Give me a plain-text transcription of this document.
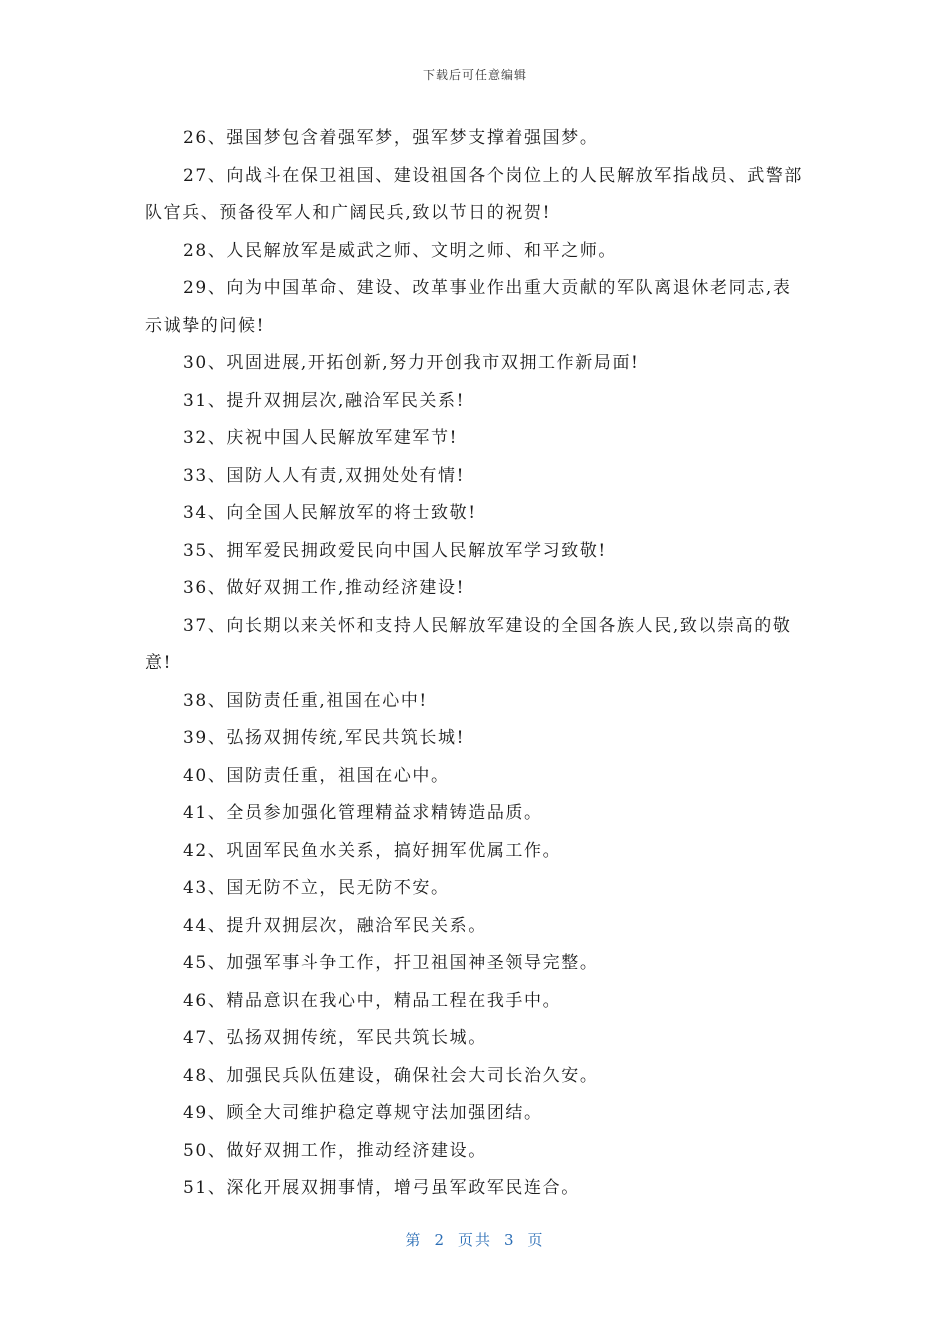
下载后可任意编辑

26、强国梦包含着强军梦，强军梦支撑着强国梦。

27、向战斗在保卫祖国、建设祖国各个岗位上的人民解放军指战员、武警部队官兵、预备役军人和广阔民兵,致以节日的祝贺!

28、人民解放军是威武之师、文明之师、和平之师。

29、向为中国革命、建设、改革事业作出重大贡献的军队离退休老同志,表示诚挚的问候!

30、巩固进展,开拓创新,努力开创我市双拥工作新局面!

31、提升双拥层次,融洽军民关系!

32、庆祝中国人民解放军建军节!

33、国防人人有责,双拥处处有情!

34、向全国人民解放军的将士致敬!

35、拥军爱民拥政爱民向中国人民解放军学习致敬!

36、做好双拥工作,推动经济建设!

37、向长期以来关怀和支持人民解放军建设的全国各族人民,致以崇高的敬意!

38、国防责任重,祖国在心中!

39、弘扬双拥传统,军民共筑长城!

40、国防责任重，祖国在心中。

41、全员参加强化管理精益求精铸造品质。

42、巩固军民鱼水关系，搞好拥军优属工作。

43、国无防不立，民无防不安。

44、提升双拥层次，融洽军民关系。

45、加强军事斗争工作，扞卫祖国神圣领导完整。

46、精品意识在我心中，精品工程在我手中。

47、弘扬双拥传统，军民共筑长城。

48、加强民兵队伍建设，确保社会大司长治久安。

49、顾全大司维护稳定尊规守法加强团结。

50、做好双拥工作，推动经济建设。

51、深化开展双拥事情，增弓虽军政军民连合。

第 2 页共 3 页
